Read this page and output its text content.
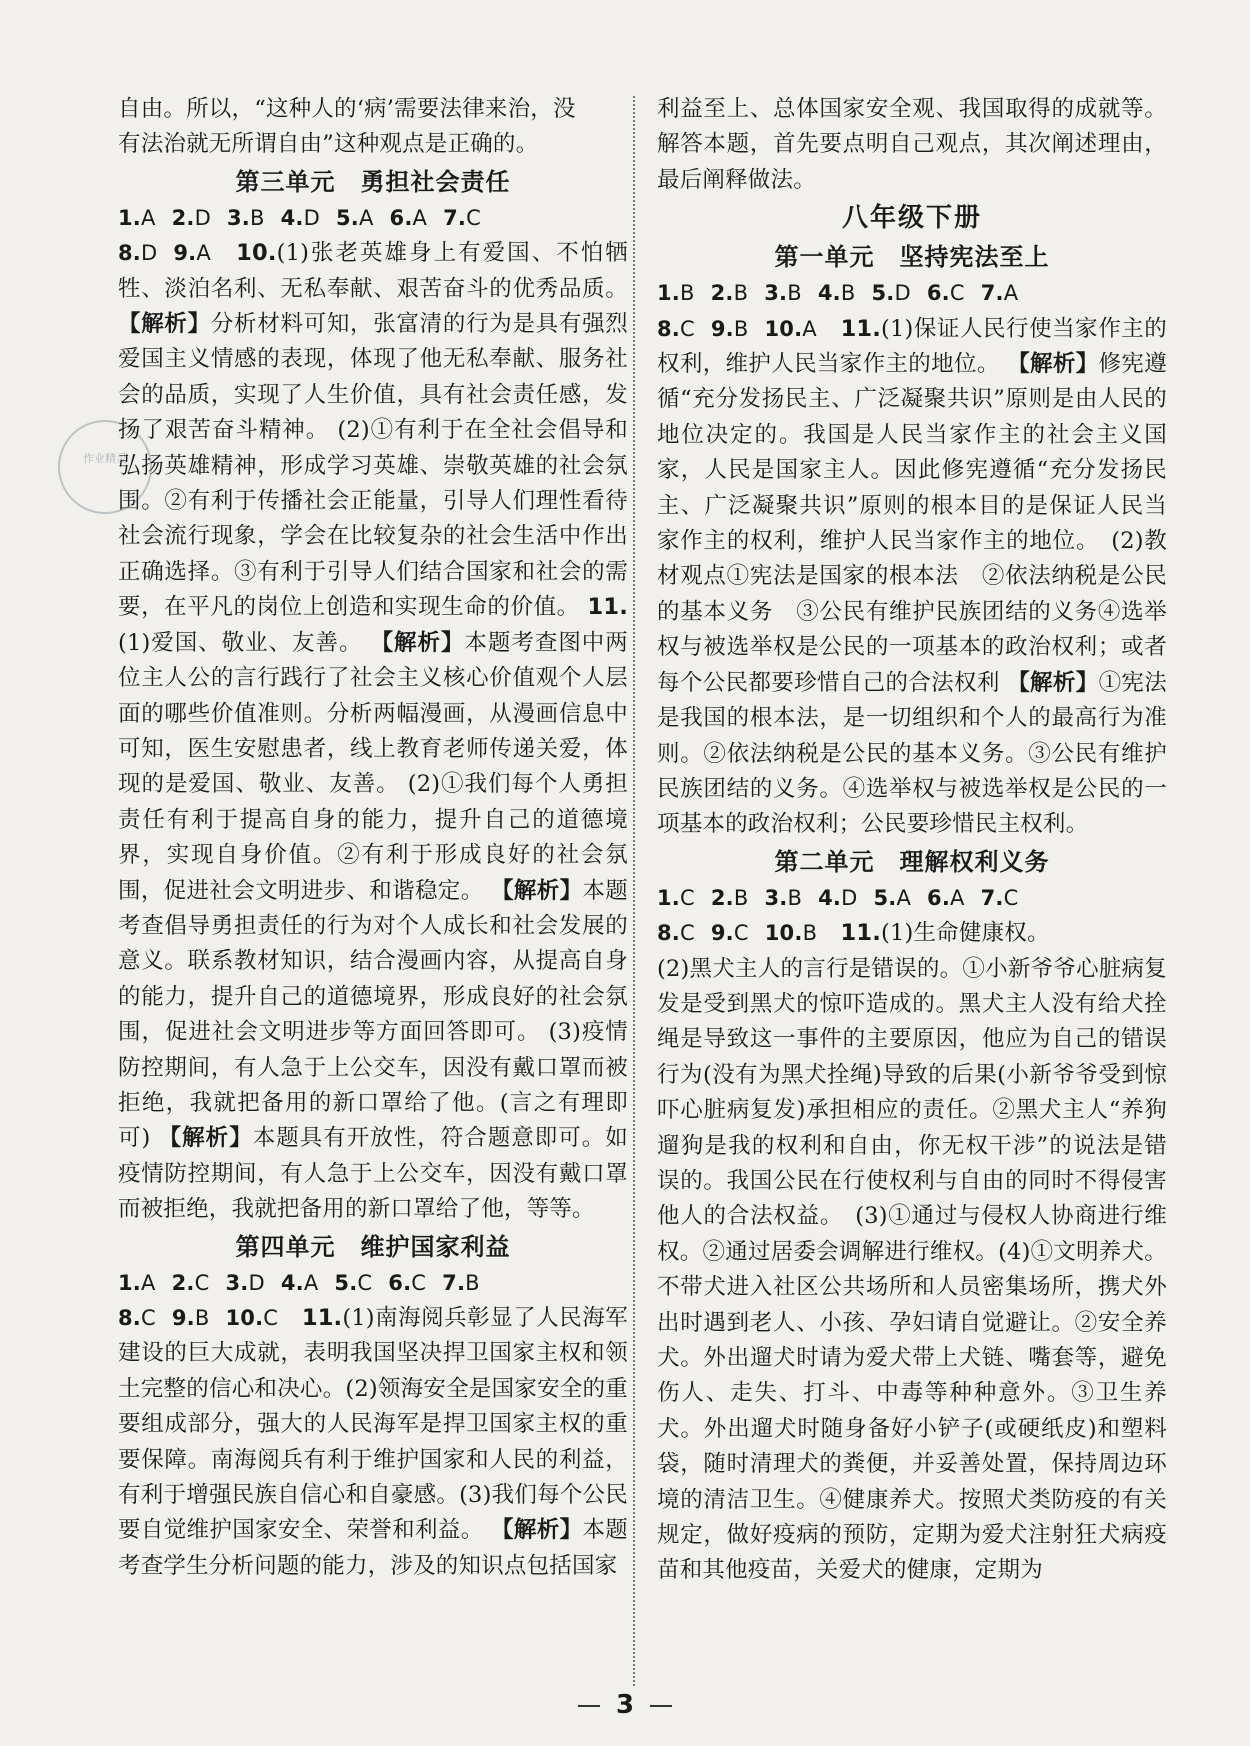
作业精灵
自由。所以，“这种人的‘病’需要法律来治，没
有法治就无所谓自由”这种观点是正确的。
第三单元　勇担社会责任
1.A 2.D 3.B 4.D 5.A 6.A 7.C
8.D 9.A 10.(1)张老英雄身上有爱国、不怕牺牲、淡泊名利、无私奉献、艰苦奋斗的优秀品质。 【解析】分析材料可知，张富清的行为是具有强烈爱国主义情感的表现，体现了他无私奉献、服务社会的品质，实现了人生价值，具有社会责任感，发扬了艰苦奋斗精神。 (2)①有利于在全社会倡导和弘扬英雄精神，形成学习英雄、崇敬英雄的社会氛围。②有利于传播社会正能量，引导人们理性看待社会流行现象，学会在比较复杂的社会生活中作出正确选择。③有利于引导人们结合国家和社会的需要，在平凡的岗位上创造和实现生命的价值。 11.(1)爱国、敬业、友善。 【解析】本题考查图中两位主人公的言行践行了社会主义核心价值观个人层面的哪些价值准则。分析两幅漫画，从漫画信息中可知，医生安慰患者，线上教育老师传递关爱，体现的是爱国、敬业、友善。 (2)①我们每个人勇担责任有利于提高自身的能力，提升自己的道德境界，实现自身价值。②有利于形成良好的社会氛围，促进社会文明进步、和谐稳定。 【解析】本题考查倡导勇担责任的行为对个人成长和社会发展的意义。联系教材知识，结合漫画内容，从提高自身的能力，提升自己的道德境界，形成良好的社会氛围，促进社会文明进步等方面回答即可。 (3)疫情防控期间，有人急于上公交车，因没有戴口罩而被拒绝，我就把备用的新口罩给了他。(言之有理即可) 【解析】本题具有开放性，符合题意即可。如疫情防控期间，有人急于上公交车，因没有戴口罩而被拒绝，我就把备用的新口罩给了他，等等。
第四单元　维护国家利益
1.A 2.C 3.D 4.A 5.C 6.C 7.B
8.C 9.B 10.C 11.(1)南海阅兵彰显了人民海军建设的巨大成就，表明我国坚决捍卫国家主权和领土完整的信心和决心。(2)领海安全是国家安全的重要组成部分，强大的人民海军是捍卫国家主权的重要保障。南海阅兵有利于维护国家和人民的利益，有利于增强民族自信心和自豪感。(3)我们每个公民要自觉维护国家安全、荣誉和利益。 【解析】本题考查学生分析问题的能力，涉及的知识点包括国家
利益至上、总体国家安全观、我国取得的成就等。解答本题，首先要点明自己观点，其次阐述理由，最后阐释做法。
八年级下册
第一单元　坚持宪法至上
1.B 2.B 3.B 4.B 5.D 6.C 7.A
8.C 9.B 10.A 11.(1)保证人民行使当家作主的权利，维护人民当家作主的地位。 【解析】修宪遵循“充分发扬民主、广泛凝聚共识”原则是由人民的地位决定的。我国是人民当家作主的社会主义国家，人民是国家主人。因此修宪遵循“充分发扬民主、广泛凝聚共识”原则的根本目的是保证人民当家作主的权利，维护人民当家作主的地位。　(2)教材观点①宪法是国家的根本法　②依法纳税是公民的基本义务　③公民有维护民族团结的义务④选举权与被选举权是公民的一项基本的政治权利；或者每个公民都要珍惜自己的合法权利 【解析】①宪法是我国的根本法，是一切组织和个人的最高行为准则。②依法纳税是公民的基本义务。③公民有维护民族团结的义务。④选举权与被选举权是公民的一项基本的政治权利；公民要珍惜民主权利。
第二单元　理解权利义务
1.C 2.B 3.B 4.D 5.A 6.A 7.C
8.C 9.C 10.B 11.(1)生命健康权。
(2)黑犬主人的言行是错误的。①小新爷爷心脏病复发是受到黑犬的惊吓造成的。黑犬主人没有给犬拴绳是导致这一事件的主要原因，他应为自己的错误行为(没有为黑犬拴绳)导致的后果(小新爷爷受到惊吓心脏病复发)承担相应的责任。②黑犬主人“养狗遛狗是我的权利和自由，你无权干涉”的说法是错误的。我国公民在行使权利与自由的同时不得侵害他人的合法权益。　(3)①通过与侵权人协商进行维权。②通过居委会调解进行维权。(4)①文明养犬。不带犬进入社区公共场所和人员密集场所，携犬外出时遇到老人、小孩、孕妇请自觉避让。②安全养犬。外出遛犬时请为爱犬带上犬链、嘴套等，避免伤人、走失、打斗、中毒等种种意外。③卫生养犬。外出遛犬时随身备好小铲子(或硬纸皮)和塑料袋，随时清理犬的粪便，并妥善处置，保持周边环境的清洁卫生。④健康养犬。按照犬类防疫的有关规定，做好疫病的预防，定期为爱犬注射狂犬病疫苗和其他疫苗，关爱犬的健康，定期为
3
